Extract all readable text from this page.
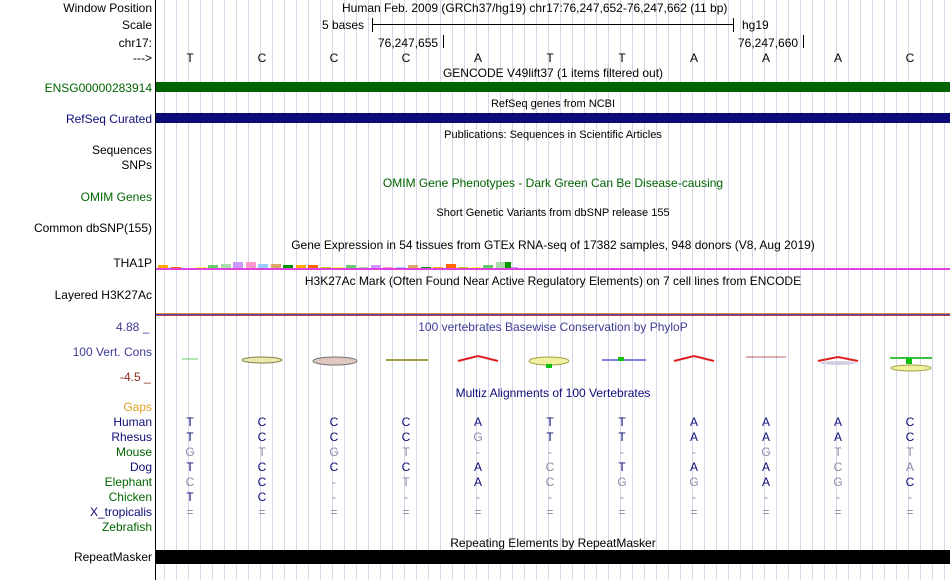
Window Position	Human Feb. 2009 (GRCh37/hg19) chr17:76,247,652-76,247,662 (11 bp)
Scale	5 bases	hg19
chr17:	76,247,655	76,247,660
--->	T	C	C	C	A	T	T	A	A	A	C
GENCODE V49lift37 (1 items filtered out)
ENSG00000283914
RefSeq genes from NCBI
RefSeq Curated
Publications: Sequences in Scientific Articles
Sequences
SNPs
OMIM Gene Phenotypes - Dark Green Can Be Disease-causing
OMIM Genes
Short Genetic Variants from dbSNP release 155
Common dbSNP(155)
Gene Expression in 54 tissues from GTEx RNA-seq of 17382 samples, 948 donors (V8, Aug 2019)
THA1P
H3K27Ac Mark (Often Found Near Active Regulatory Elements) on 7 cell lines from ENCODE
Layered H3K27Ac
100 vertebrates Basewise Conservation by PhyloP
4.88 _
100 Vert. Cons
-4.5 _
Multiz Alignments of 100 Vertebrates
Gaps
Human	T	C	C	C	A	T	T	A	A	A	C
Rhesus	T	C	C	C	G	T	T	A	A	A	C
Mouse	G	T	G	T	-	-	-	-	G	T	T
Dog	T	C	C	C	A	C	T	A	A	C	A
Elephant	C	C	-	T	A	C	G	G	A	G	C
Chicken	T	C	-	-	-	-	-	-	-	-	-
X_tropicalis	=	=	=	=	=	=	=	=	=	=	=
Zebrafish
Repeating Elements by RepeatMasker
RepeatMasker
